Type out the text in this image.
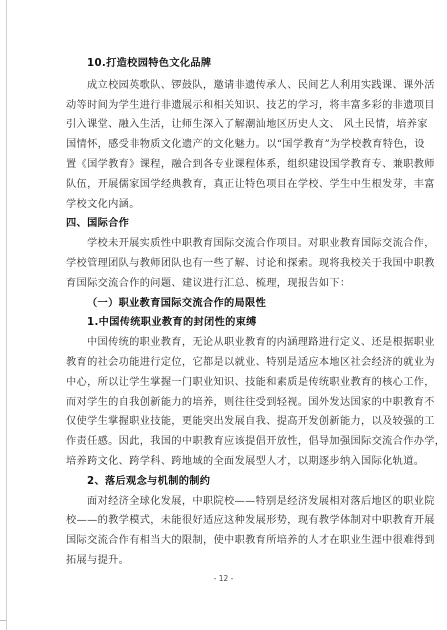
10.打造校园特色文化品牌
成立校园英歌队、锣鼓队，邀请非遗传承人、民间艺人利用实践课、课外活
动等时间为学生进行非遗展示和相关知识、技艺的学习，将丰富多彩的非遗项目
引入课堂、融入生活，让师生深入了解潮汕地区历史人文、 风土民情，培养家
国情怀，感受非物质文化遗产的文化魅力。以“国学教育”为学校教育特色，设
置《国学教育》课程，融合到各专业课程体系，组织建设国学教育专、兼职教师
队伍，开展儒家国学经典教育，真正让特色项目在学校、学生中生根发芽，丰富
学校文化内涵。
四、国际合作
学校未开展实质性中职教育国际交流合作项目。对职业教育国际交流合作，
学校管理团队与教师团队也有一些了解、讨论和探索。现将我校关于我国中职教
育国际交流合作的问题、建议进行汇总、梳理，现报告如下：
（一）职业教育国际交流合作的局限性
1.中国传统职业教育的封闭性的束缚
中国传统的职业教育，无论从职业教育的内涵理路进行定义、还是根据职业
教育的社会功能进行定位，它都是以就业、特别是适应本地区社会经济的就业为
中心，所以让学生掌握一门职业知识、技能和素质是传统职业教育的核心工作，
而对学生的自我创新能力的培养，则往往受到轻视。国外发达国家的中职教育不
仅使学生掌握职业技能，更能突出发展自我、提高开发创新能力，以及较强的工
作责任感。因此，我国的中职教育应该提倡开放性，倡导加强国际交流合作办学，
培养跨文化、跨学科、跨地域的全面发展型人才，以期逐步纳入国际化轨道。
2、落后观念与机制的制约
面对经济全球化发展，中职院校——特别是经济发展相对落后地区的职业院
校——的教学模式，未能很好适应这种发展形势，现有教学体制对中职教育开展
国际交流合作有相当大的限制，使中职教育所培养的人才在职业生涯中很难得到
拓展与提升。
- 12 -
